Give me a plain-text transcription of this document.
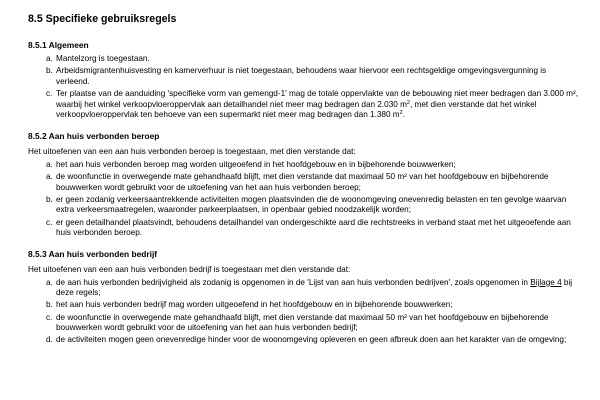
8.5 Specifieke gebruiksregels
8.5.1 Algemeen
a. Mantelzorg is toegestaan.
b. Arbeidsmigrantenhuisvesting en kamerverhuur is niet toegestaan, behoudens waar hiervoor een rechtsgeldige omgevingsvergunning is verleend.
c. Ter plaatse van de aanduiding 'specifieke vorm van gemengd-1' mag de totale oppervlakte van de bebouwing niet meer bedragen dan 3.000 m², waarbij het winkel verkoopvloeroppervlak aan detailhandel niet meer mag bedragen dan 2.030 $m^2$, met dien verstande dat het winkel verkoopvloeroppervlak ten behoeve van een supermarkt niet meer mag bedragen dan 1.380 $m^2$.
8.5.2 Aan huis verbonden beroep

Het uitoefenen van een aan huis verbonden beroep is toegestaan, met dien verstande dat:

a. het aan huis verbonden beroep mag worden uitgeoefend in het hoofdgebouw en in bijbehorende bouwwerken;
a. de woonfunctie in overwegende mate gehandhaafd blijft, met dien verstande dat maximaal 50 m² van het hoofdgebouw en bijbehorende bouwwerken wordt gebruikt voor de uitoefening van het aan huis verbonden beroep;
b. er geen zodanig verkeersaantrekkende activiteiten mogen plaatsvinden die de woonomgeving onevenredig belasten en ten gevolge waarvan extra verkeersmaatregelen, waaronder parkeerplaatsen, in openbaar gebied noodzakelijk worden;
c. er geen detailhandel plaatsvindt, behoudens detailhandel van ondergeschikte aard die rechtstreeks in verband staat met het uitgeoefende aan huis verbonden beroep.
8.5.3 Aan huis verbonden bedrijf

Het uitoefenen van een aan huis verbonden bedrijf is toegestaan met dien verstande dat:

a. de aan huis verbonden bedrijvigheid als zodanig is opgenomen in de 'Lijst van aan huis verbonden bedrijven', zoals opgenomen in Bijlage 4 bij deze regels;
b. het aan huis verbonden bedrijf mag worden uitgeoefend in het hoofdgebouw en in bijbehorende bouwwerken;
c. de woonfunctie in overwegende mate gehandhaafd blijft, met dien verstande dat maximaal 50 m² van het hoofdgebouw en bijbehorende bouwwerken wordt gebruikt voor de uitoefening van het aan huis verbonden bedrijf;
d. de activiteiten mogen geen onevenredige hinder voor de woonomgeving opleveren en geen afbreuk doen aan het karakter van de omgeving;
